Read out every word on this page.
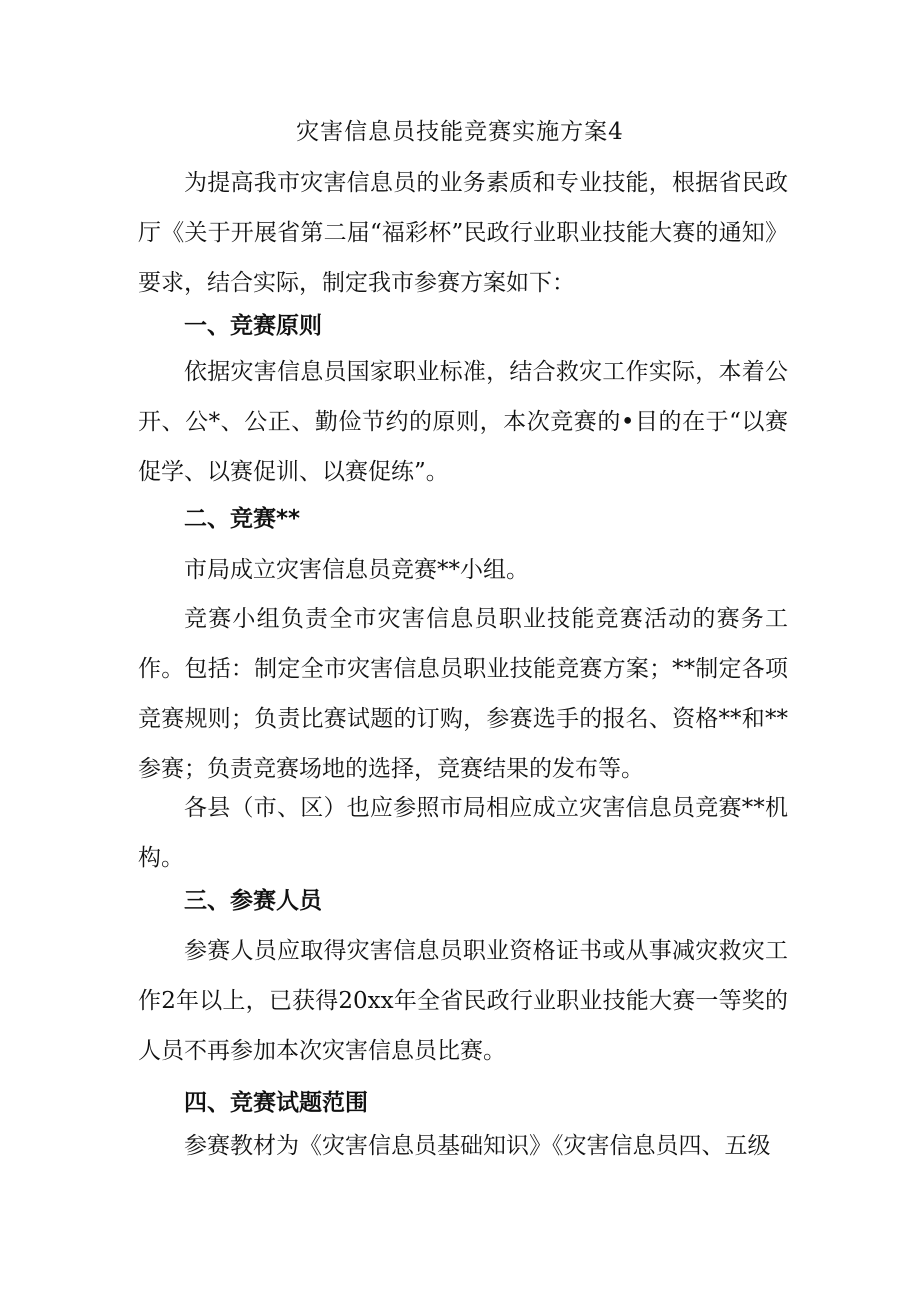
灾害信息员技能竞赛实施方案4
为提高我市灾害信息员的业务素质和专业技能，根据省民政厅《关于开展省第二届“福彩杯”民政行业职业技能大赛的通知》要求，结合实际，制定我市参赛方案如下：
一、竞赛原则
依据灾害信息员国家职业标准，结合救灾工作实际，本着公开、公*、公正、勤俭节约的原则，本次竞赛的•目的在于“以赛促学、以赛促训、以赛促练”。
二、竞赛**
市局成立灾害信息员竞赛**小组。
竞赛小组负责全市灾害信息员职业技能竞赛活动的赛务工作。包括：制定全市灾害信息员职业技能竞赛方案；**制定各项竞赛规则；负责比赛试题的订购，参赛选手的报名、资格**和**参赛；负责竞赛场地的选择，竞赛结果的发布等。
各县（市、区）也应参照市局相应成立灾害信息员竞赛**机构。
三、参赛人员
参赛人员应取得灾害信息员职业资格证书或从事减灾救灾工作2年以上，已获得20xx年全省民政行业职业技能大赛一等奖的人员不再参加本次灾害信息员比赛。
四、竞赛试题范围
参赛教材为《灾害信息员基础知识》《灾害信息员四、五级
